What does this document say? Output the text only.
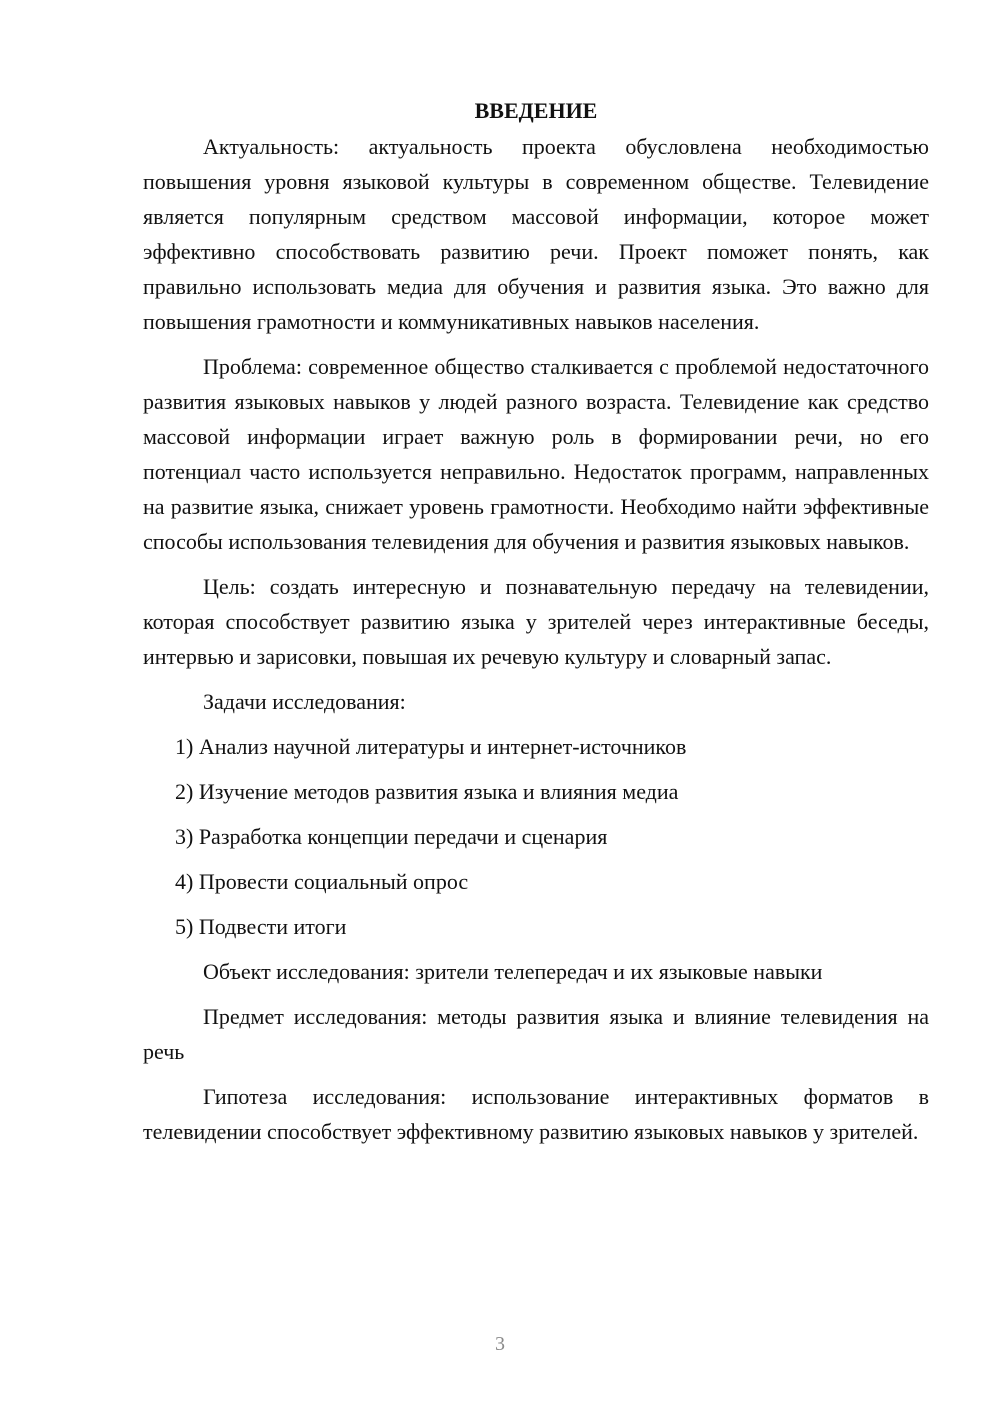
ВВЕДЕНИЕ

Актуальность: актуальность проекта обусловлена необходимостью повышения уровня языковой культуры в современном обществе. Телевидение является популярным средством массовой информации, которое может эффективно способствовать развитию речи. Проект поможет понять, как правильно использовать медиа для обучения и развития языка. Это важно для повышения грамотности и коммуникативных навыков населения.

Проблема: современное общество сталкивается с проблемой недостаточного развития языковых навыков у людей разного возраста. Телевидение как средство массовой информации играет важную роль в формировании речи, но его потенциал часто используется неправильно. Недостаток программ, направленных на развитие языка, снижает уровень грамотности. Необходимо найти эффективные способы использования телевидения для обучения и развития языковых навыков.

Цель: создать интересную и познавательную передачу на телевидении, которая способствует развитию языка у зрителей через интерактивные беседы, интервью и зарисовки, повышая их речевую культуру и словарный запас.

Задачи исследования:

1) Анализ научной литературы и интернет-источников
2) Изучение методов развития языка и влияния медиа
3) Разработка концепции передачи и сценария
4) Провести социальный опрос
5) Подвести итоги

Объект исследования: зрители телепередач и их языковые навыки

Предмет исследования: методы развития языка и влияние телевидения на речь

Гипотеза исследования: использование интерактивных форматов в телевидении способствует эффективному развитию языковых навыков у зрителей.

3
